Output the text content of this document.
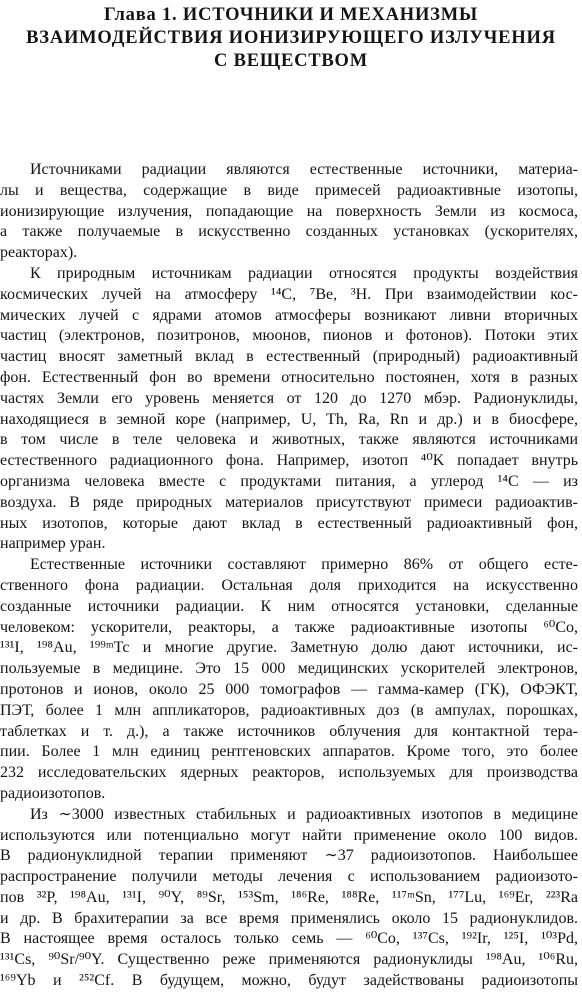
Глава 1. ИСТОЧНИКИ И МЕХАНИЗМЫ
ВЗАИМОДЕЙСТВИЯ ИОНИЗИРУЮЩЕГО ИЗЛУЧЕНИЯ
С ВЕЩЕСТВОМ
Источниками радиации являются естественные источники, материа-
лы и вещества, содержащие в виде примесей радиоактивные изотопы,
ионизирующие излучения, попадающие на поверхность Земли из космоса,
а также получаемые в искусственно созданных установках (ускорителях,
реакторах).
К природным источникам радиации относятся продукты воздействия
космических лучей на атмосферу ¹⁴C, ⁷Be, ³H. При взаимодействии кос-
мических лучей с ядрами атомов атмосферы возникают ливни вторичных
частиц (электронов, позитронов, мюонов, пионов и фотонов). Потоки этих
частиц вносят заметный вклад в естественный (природный) радиоактивный
фон. Естественный фон во времени относительно постоянен, хотя в разных
частях Земли его уровень меняется от 120 до 1270 мбэр. Радионуклиды,
находящиеся в земной коре (например, U, Th, Ra, Rn и др.) и в биосфере,
в том числе в теле человека и животных, также являются источниками
естественного радиационного фона. Например, изотоп ⁴⁰K попадает внутрь
организма человека вместе с продуктами питания, а углерод ¹⁴C — из
воздуха. В ряде природных материалов присутствуют примеси радиоактив-
ных изотопов, которые дают вклад в естественный радиоактивный фон,
например уран.
Естественные источники составляют примерно 86% от общего есте-
ственного фона радиации. Остальная доля приходится на искусственно
созданные источники радиации. К ним относятся установки, сделанные
человеком: ускорители, реакторы, а также радиоактивные изотопы ⁶⁰Co,
¹³¹I, ¹⁹⁸Au, ¹⁹⁹ᵐTc и многие другие. Заметную долю дают источники, ис-
пользуемые в медицине. Это 15 000 медицинских ускорителей электронов,
протонов и ионов, около 25 000 томографов — гамма-камер (ГК), ОФЭКТ,
ПЭТ, более 1 млн аппликаторов, радиоактивных доз (в ампулах, порошках,
таблетках и т. д.), а также источников облучения для контактной тера-
пии. Более 1 млн единиц рентгеновских аппаратов. Кроме того, это более
232 исследовательских ядерных реакторов, используемых для производства
радиоизотопов.
Из ∼3000 известных стабильных и радиоактивных изотопов в медицине
используются или потенциально могут найти применение около 100 видов.
В радионуклидной терапии применяют ∼37 радиоизотопов. Наибольшее
распространение получили методы лечения с использованием радиоизото-
пов ³²P, ¹⁹⁸Au, ¹³¹I, ⁹⁰Y, ⁸⁹Sr, ¹⁵³Sm, ¹⁸⁶Re, ¹⁸⁸Re, ¹¹⁷ᵐSn, ¹⁷⁷Lu, ¹⁶⁹Er, ²²³Ra
и др. В брахитерапии за все время применялись около 15 радионуклидов.
В настоящее время осталось только семь — ⁶⁰Co, ¹³⁷Cs, ¹⁹²Ir, ¹²⁵I, ¹⁰³Pd,
¹³¹Cs, ⁹⁰Sr/⁹⁰Y. Существенно реже применяются радионуклиды ¹⁹⁸Au, ¹⁰⁶Ru,
¹⁶⁹Yb и ²⁵²Cf. В будущем, можно, будут задействованы радиоизотопы
